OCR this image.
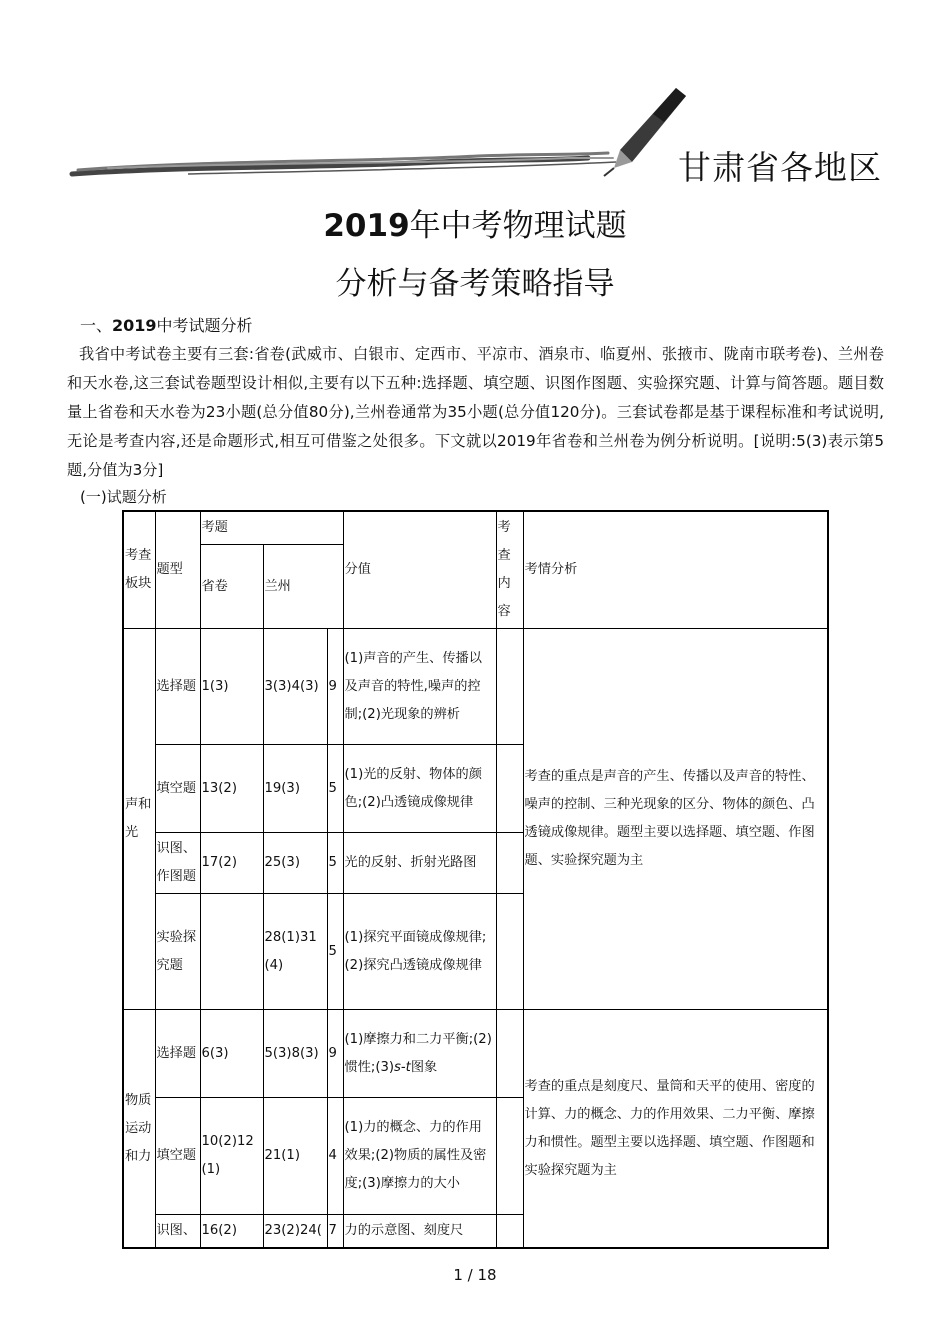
甘肃省各地区
2019年中考物理试题
分析与备考策略指导
一、2019中考试题分析
我省中考试卷主要有三套:省卷(武威市、白银市、定西市、平凉市、酒泉市、临夏州、张掖市、陇南市联考卷)、兰州卷和天水卷,这三套试卷题型设计相似,主要有以下五种:选择题、填空题、识图作图题、实验探究题、计算与简答题。题目数量上省卷和天水卷为23小题(总分值80分),兰州卷通常为35小题(总分值120分)。三套试卷都是基于课程标准和考试说明,无论是考查内容,还是命题形式,相互可借鉴之处很多。下文就以2019年省卷和兰州卷为例分析说明。[说明:5(3)表示第5题,分值为3分]
(一)试题分析
考查板块	题型	考题			分值	考查内容	考情分析
		省卷	兰州				
声和光	选择题	1(3)	3(3)4(3)	9	(1)声音的产生、传播以及声音的特性,噪声的控制;(2)光现象的辨析		考查的重点是声音的产生、传播以及声音的特性、噪声的控制、三种光现象的区分、物体的颜色、凸透镜成像规律。题型主要以选择题、填空题、作图题、实验探究题为主
	填空题	13(2)	19(3)	5	(1)光的反射、物体的颜色;(2)凸透镜成像规律		
	识图、作图题	17(2)	25(3)	5	光的反射、折射光路图		
	实验探究题		28(1)31(4)	5	(1)探究平面镜成像规律;(2)探究凸透镜成像规律		
物质运动和力	选择题	6(3)	5(3)8(3)	9	(1)摩擦力和二力平衡;(2)惯性;(3)s-t图象		考查的重点是刻度尺、量筒和天平的使用、密度的计算、力的概念、力的作用效果、二力平衡、摩擦力和惯性。题型主要以选择题、填空题、作图题和实验探究题为主
	填空题	10(2)12(1)	21(1)	4	(1)力的概念、力的作用效果;(2)物质的属性及密度;(3)摩擦力的大小		
	识图、	16(2)	23(2)24(	7	力的示意图、刻度尺		
1 / 18
